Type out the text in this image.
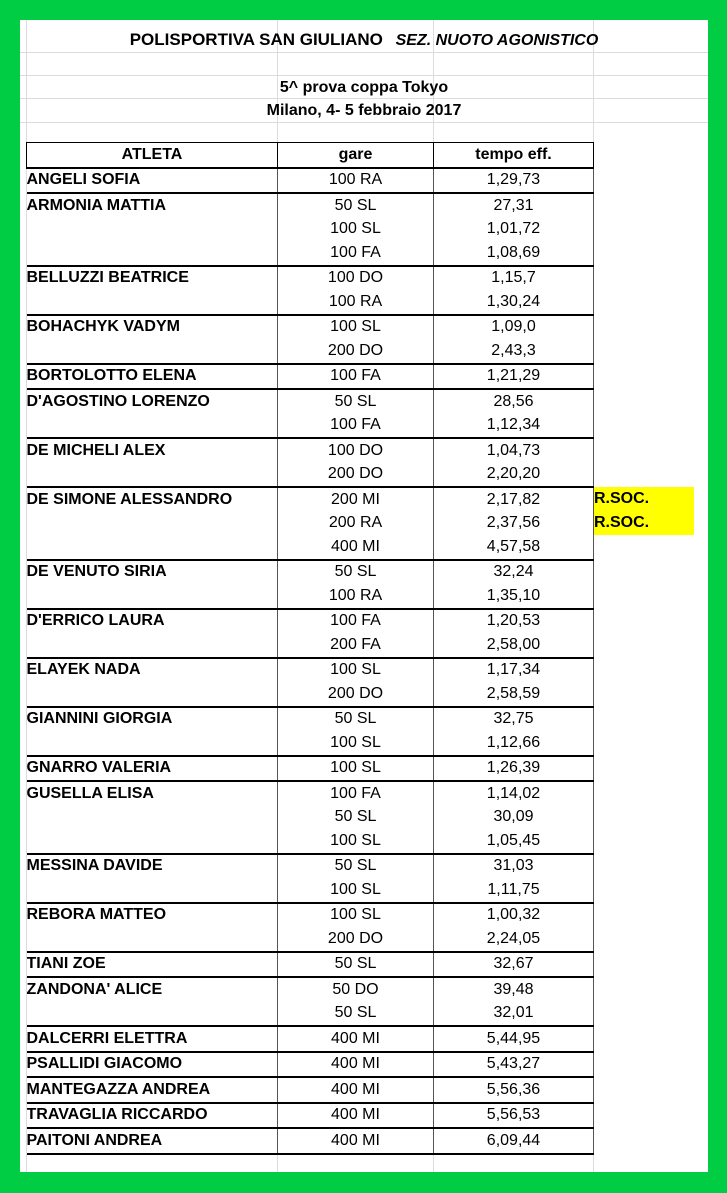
POLISPORTIVA SAN GIULIANO SEZ. NUOTO AGONISTICO
5^ prova coppa Tokyo
Milano, 4- 5 febbraio 2017
ATLETA	gare	tempo eff.	
ANGELI SOFIA	100 RA	1,29,73	
ARMONIA MATTIA	50 SL	27,31	
	100 SL	1,01,72	
	100 FA	1,08,69	
BELLUZZI BEATRICE	100 DO	1,15,7	
	100 RA	1,30,24	
BOHACHYK VADYM	100 SL	1,09,0	
	200 DO	2,43,3	
BORTOLOTTO ELENA	100 FA	1,21,29	
D'AGOSTINO LORENZO	50 SL	28,56	
	100 FA	1,12,34	
DE MICHELI ALEX	100 DO	1,04,73	
	200 DO	2,20,20	
DE SIMONE ALESSANDRO	200 MI	2,17,82	R.SOC.
	200 RA	2,37,56	R.SOC.
	400 MI	4,57,58	
DE VENUTO SIRIA	50 SL	32,24	
	100 RA	1,35,10	
D'ERRICO LAURA	100 FA	1,20,53	
	200 FA	2,58,00	
ELAYEK NADA	100 SL	1,17,34	
	200 DO	2,58,59	
GIANNINI GIORGIA	50 SL	32,75	
	100 SL	1,12,66	
GNARRO VALERIA	100 SL	1,26,39	
GUSELLA ELISA	100 FA	1,14,02	
	50 SL	30,09	
	100 SL	1,05,45	
MESSINA DAVIDE	50 SL	31,03	
	100 SL	1,11,75	
REBORA MATTEO	100 SL	1,00,32	
	200 DO	2,24,05	
TIANI ZOE	50 SL	32,67	
ZANDONA' ALICE	50 DO	39,48	
	50 SL	32,01	
DALCERRI ELETTRA	400 MI	5,44,95	
PSALLIDI GIACOMO	400 MI	5,43,27	
MANTEGAZZA ANDREA	400 MI	5,56,36	
TRAVAGLIA RICCARDO	400 MI	5,56,53	
PAITONI ANDREA	400 MI	6,09,44	
